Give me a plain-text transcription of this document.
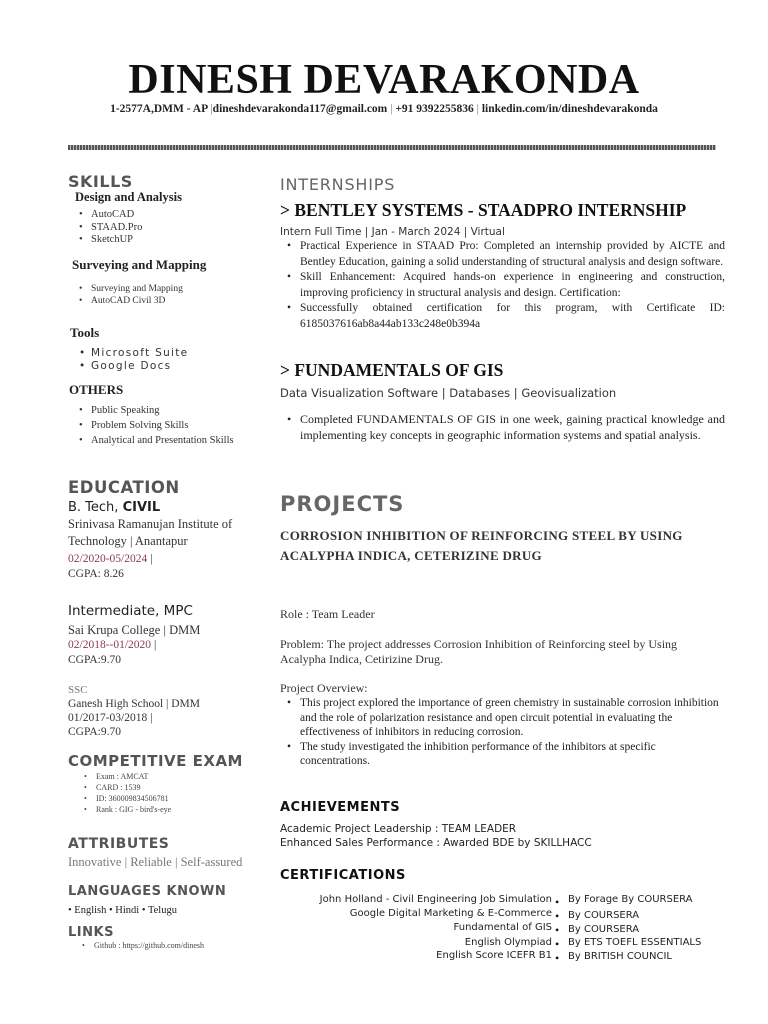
DINESH DEVARAKONDA
1-2577A,DMM - AP |dineshdevarakonda117@gmail.com | +91 9392255836 | linkedin.com/in/dineshdevarakonda
SKILLS
Design and Analysis
• AutoCAD
• STAAD.Pro
• SketchUP
Surveying and Mapping
• Surveying and Mapping
• AutoCAD Civil 3D
Tools
• Microsoft Suite
• Google Docs
OTHERS
• Public Speaking
• Problem Solving Skills
• Analytical and Presentation Skills
EDUCATION
B. Tech, CIVIL
Srinivasa Ramanujan Institute of Technology | Anantapur
02/2020-05/2024 |
CGPA: 8.26
Intermediate, MPC
Sai Krupa College | DMM
02/2018--01/2020 |
CGPA:9.70
SSC
Ganesh High School | DMM
01/2017-03/2018 |
CGPA:9.70
COMPETITIVE EXAM
• Exam : AMCAT
• CARD : 1539
• ID: 360009834506781
• Rank : GIG - bird's-eye
ATTRIBUTES
Innovative | Reliable | Self-assured
LANGUAGES KNOWN
• English • Hindi • Telugu
LINKS
• Github : https://github.com/dinesh
INTERNSHIPS
> BENTLEY SYSTEMS - STAADPRO INTERNSHIP
Intern Full Time | Jan - March 2024 | Virtual
• Practical Experience in STAAD Pro: Completed an internship provided by AICTE and Bentley Education, gaining a solid understanding of structural analysis and design software.
• Skill Enhancement: Acquired hands-on experience in engineering and construction, improving proficiency in structural analysis and design. Certification:
• Successfully obtained certification for this program, with Certificate ID: 6185037616ab8a44ab133c248e0b394a
> FUNDAMENTALS OF GIS
Data Visualization Software | Databases | Geovisualization
• Completed FUNDAMENTALS OF GIS in one week, gaining practical knowledge and implementing key concepts in geographic information systems and spatial analysis.
PROJECTS
CORROSION INHIBITION OF REINFORCING STEEL BY USING ACALYPHA INDICA, CETERIZINE DRUG
Role : Team Leader
Problem: The project addresses Corrosion Inhibition of Reinforcing steel by Using Acalypha Indica, Cetirizine Drug.
Project Overview:
• This project explored the importance of green chemistry in sustainable corrosion inhibition and the role of polarization resistance and open circuit potential in evaluating the effectiveness of inhibitors in reducing corrosion.
• The study investigated the inhibition performance of the inhibitors at specific concentrations.
ACHIEVEMENTS
Academic Project Leadership : TEAM LEADER
Enhanced Sales Performance : Awarded BDE by SKILLHACC
CERTIFICATIONS
John Holland - Civil Engineering Job Simulation • By Forage By COURSERA
Google Digital Marketing & E-Commerce • By COURSERA
Fundamental of GIS • By COURSERA
English Olympiad • By ETS TOEFL ESSENTIALS
English Score ICEFR B1 • By BRITISH COUNCIL
